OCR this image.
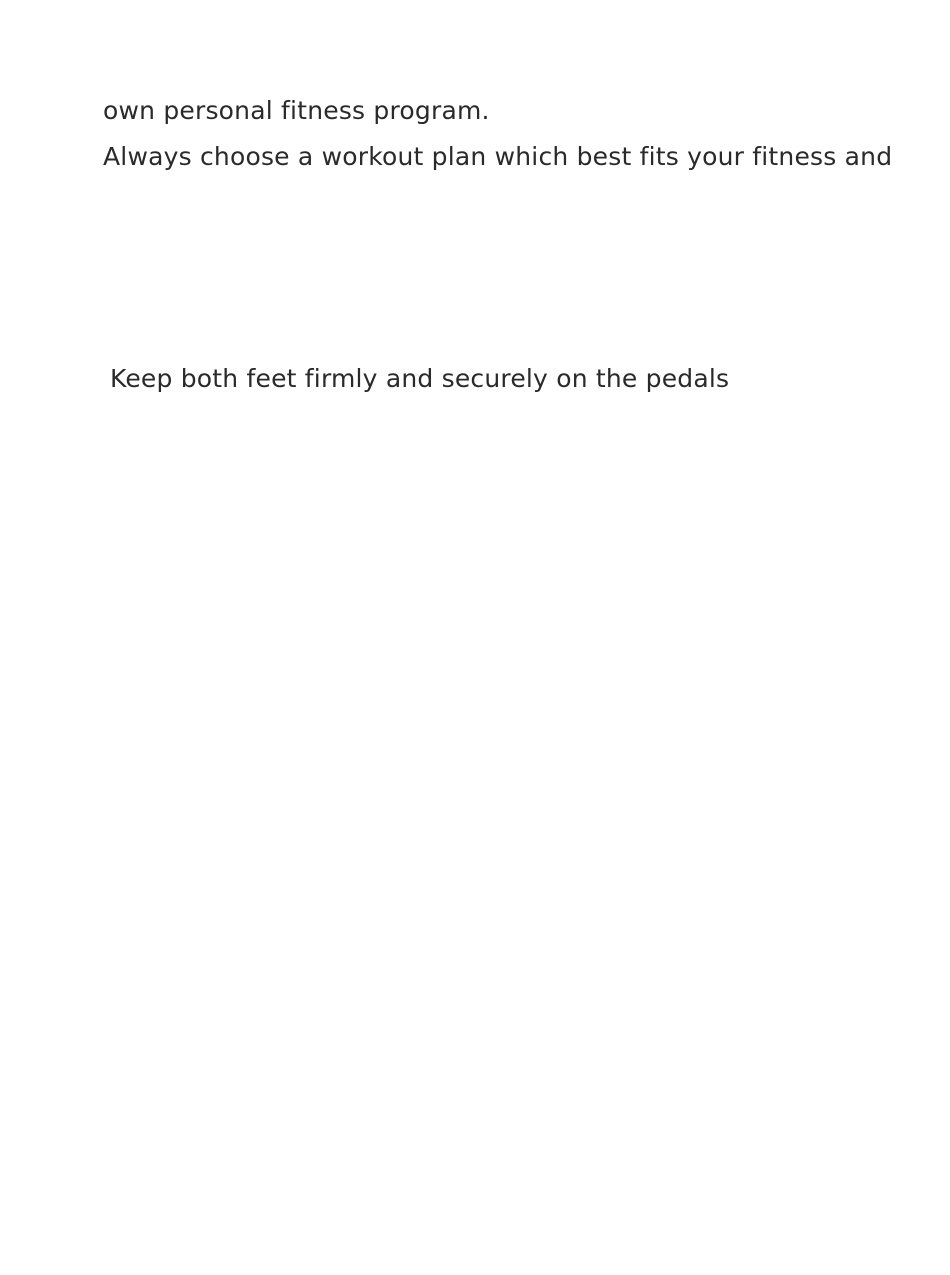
own personal fitness program.
Always choose a workout plan which best fits your fitness and
Keep both feet firmly and securely on the pedals
